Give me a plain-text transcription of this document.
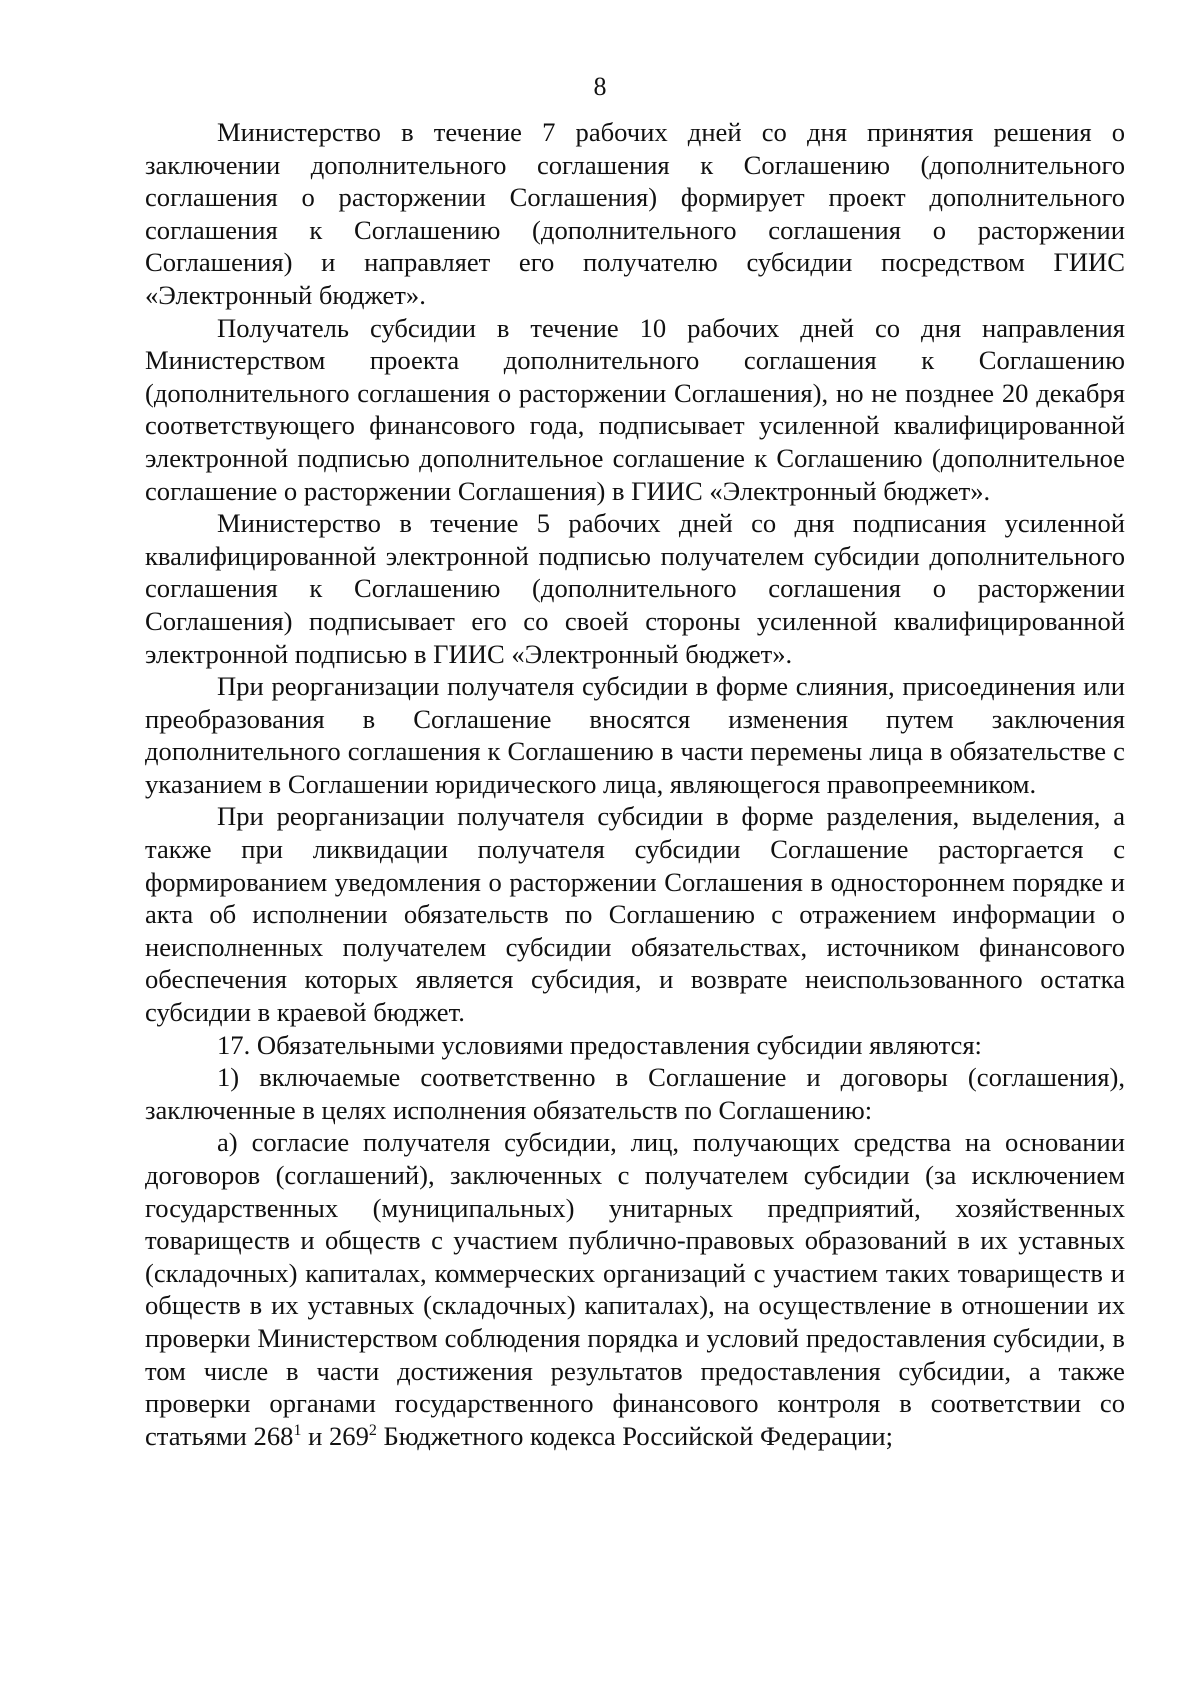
8

Министерство в течение 7 рабочих дней со дня принятия решения о заключении дополнительного соглашения к Соглашению (дополнительного соглашения о расторжении Соглашения) формирует проект дополнительного соглашения к Соглашению (дополнительного соглашения о расторжении Соглашения) и направляет его получателю субсидии посредством ГИИС «Электронный бюджет».

Получатель субсидии в течение 10 рабочих дней со дня направления Министерством проекта дополнительного соглашения к Соглашению (дополнительного соглашения о расторжении Соглашения), но не позднее 20 декабря соответствующего финансового года, подписывает усиленной квалифицированной электронной подписью дополнительное соглашение к Соглашению (дополнительное соглашение о расторжении Соглашения) в ГИИС «Электронный бюджет».

Министерство в течение 5 рабочих дней со дня подписания усиленной квалифицированной электронной подписью получателем субсидии дополнительного соглашения к Соглашению (дополнительного соглашения о расторжении Соглашения) подписывает его со своей стороны усиленной квалифицированной электронной подписью в ГИИС «Электронный бюджет».

При реорганизации получателя субсидии в форме слияния, присоединения или преобразования в Соглашение вносятся изменения путем заключения дополнительного соглашения к Соглашению в части перемены лица в обязательстве с указанием в Соглашении юридического лица, являющегося правопреемником.

При реорганизации получателя субсидии в форме разделения, выделения, а также при ликвидации получателя субсидии Соглашение расторгается с формированием уведомления о расторжении Соглашения в одностороннем порядке и акта об исполнении обязательств по Соглашению с отражением информации о неисполненных получателем субсидии обязательствах, источником финансового обеспечения которых является субсидия, и возврате неиспользованного остатка субсидии в краевой бюджет.

17. Обязательными условиями предоставления субсидии являются:

1) включаемые соответственно в Соглашение и договоры (соглашения), заключенные в целях исполнения обязательств по Соглашению:

а) согласие получателя субсидии, лиц, получающих средства на основании договоров (соглашений), заключенных с получателем субсидии (за исключением государственных (муниципальных) унитарных предприятий, хозяйственных товариществ и обществ с участием публично-правовых образований в их уставных (складочных) капиталах, коммерческих организаций с участием таких товариществ и обществ в их уставных (складочных) капиталах), на осуществление в отношении их проверки Министерством соблюдения порядка и условий предоставления субсидии, в том числе в части достижения результатов предоставления субсидии, а также проверки органами государственного финансового контроля в соответствии со статьями $268^1$ и $269^2$ Бюджетного кодекса Российской Федерации;
